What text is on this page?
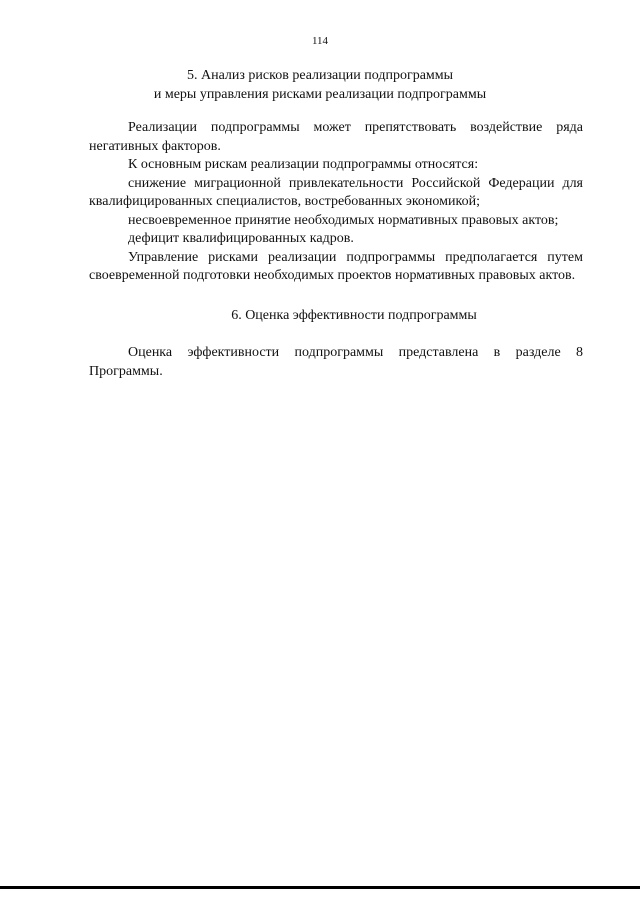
114
5. Анализ рисков реализации подпрограммы
и меры управления рисками реализации подпрограммы

Реализации подпрограммы может препятствовать воздействие ряда негативных факторов.

К основным рискам реализации подпрограммы относятся:

снижение миграционной привлекательности Российской Федерации для квалифицированных специалистов, востребованных экономикой;

несвоевременное принятие необходимых нормативных правовых актов;

дефицит квалифицированных кадров.

Управление рисками реализации подпрограммы предполагается путем своевременной подготовки необходимых проектов нормативных правовых актов.

6. Оценка эффективности подпрограммы

Оценка эффективности подпрограммы представлена в разделе 8 Программы.
